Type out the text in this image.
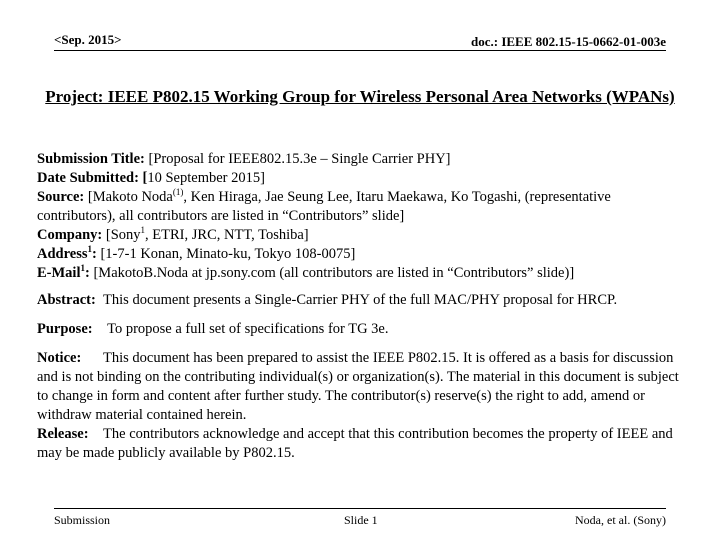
<Sep. 2015>	doc.: IEEE 802.15-15-0662-01-003e
Project: IEEE P802.15 Working Group for Wireless Personal Area Networks (WPANs)

Submission Title: [Proposal for IEEE802.15.3e – Single Carrier PHY]

Date Submitted: [10 September 2015]

Source: [Makoto Noda$^{(1)}$, Ken Hiraga, Jae Seung Lee, Itaru Maekawa, Ko Togashi, (representative contributors), all contributors are listed in “Contributors” slide]

Company: [Sony$^1$, ETRI, JRC, NTT, Toshiba]

Address$^1$: [1-7-1 Konan, Minato-ku, Tokyo 108-0075]

E-Mail$^1$: [MakotoB.Noda at jp.sony.com (all contributors are listed in “Contributors” slide)]

Abstract: This document presents a Single-Carrier PHY of the full MAC/PHY proposal for HRCP.

Purpose: To propose a full set of specifications for TG 3e.

Notice: This document has been prepared to assist the IEEE P802.15. It is offered as a basis for discussion and is not binding on the contributing individual(s) or organization(s). The material in this document is subject to change in form and content after further study. The contributor(s) reserve(s) the right to add, amend or withdraw material contained herein.

Release: The contributors acknowledge and accept that this contribution becomes the property of IEEE and may be made publicly available by P802.15.

Submission	Slide 1	Noda, et al. (Sony)
